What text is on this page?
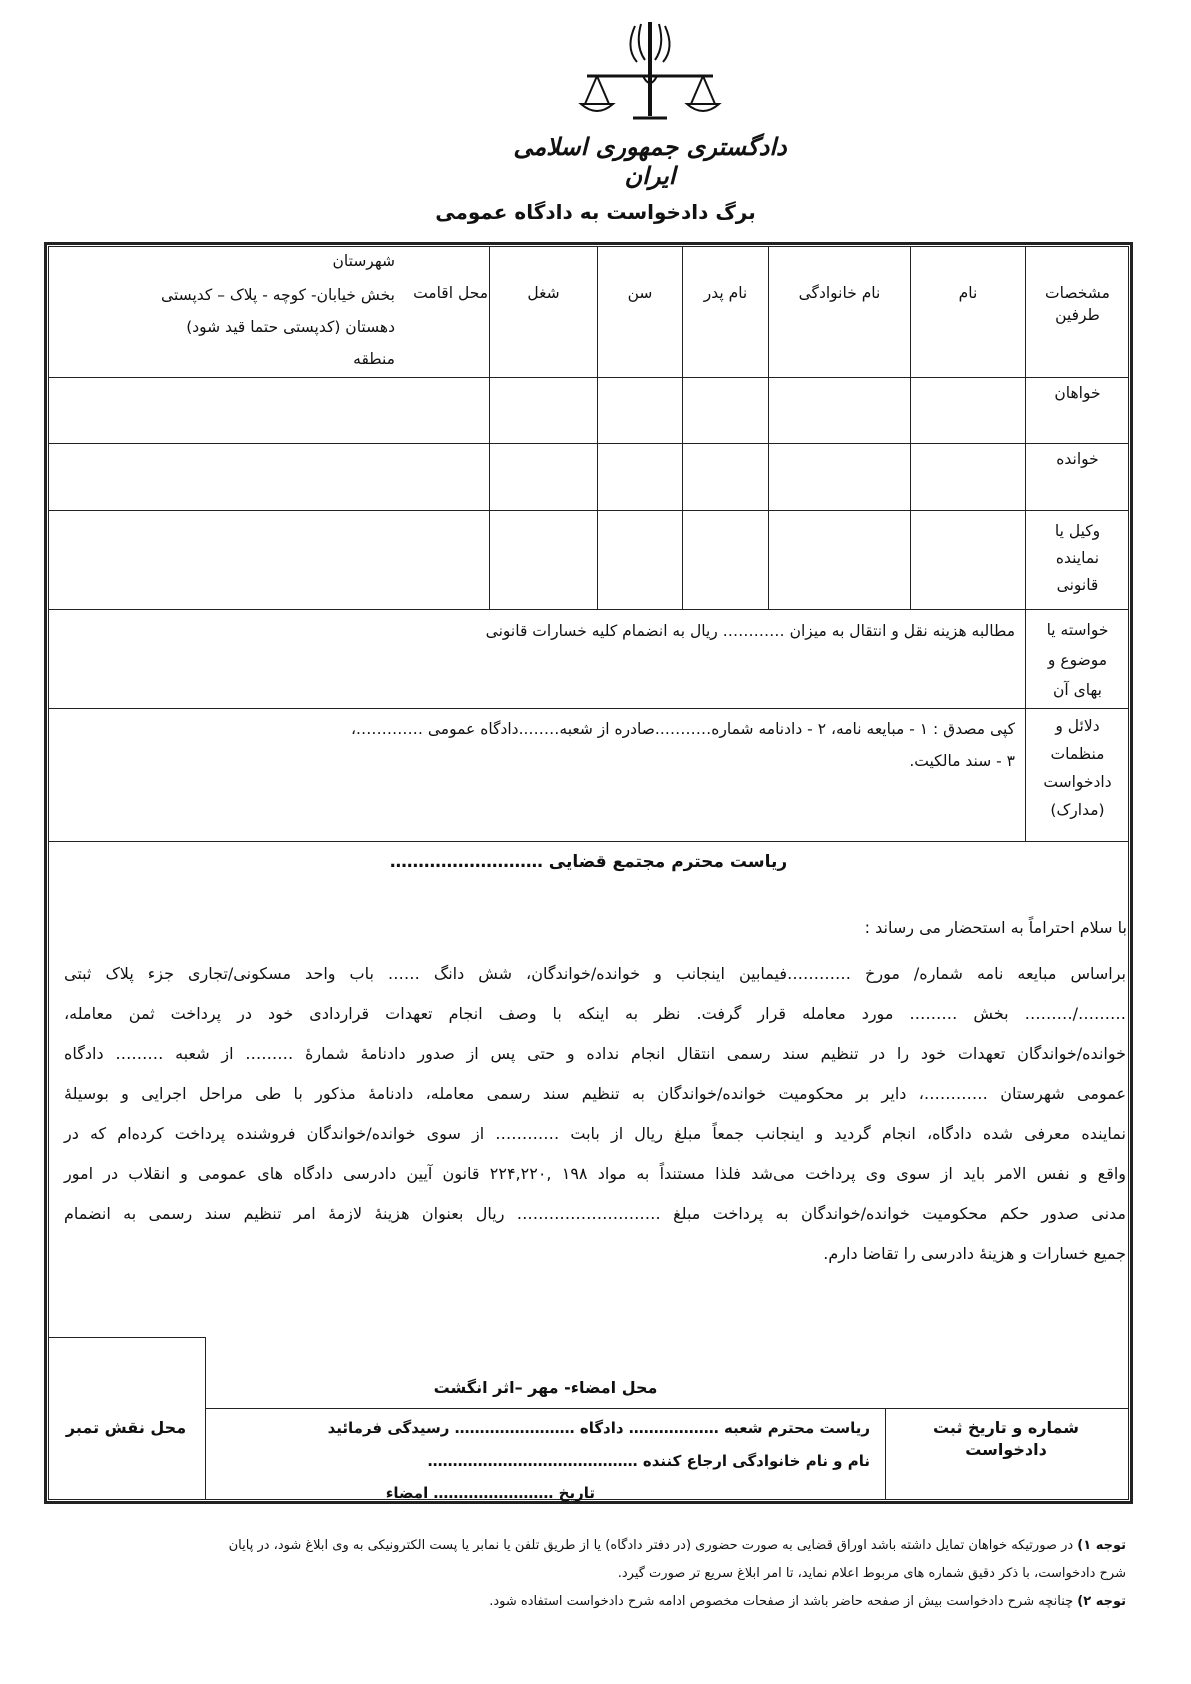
دادگستری جمهوری اسلامی ایران
برگ دادخواست به دادگاه عمومی
مشخصات طرفین
نام
نام خانوادگی
نام پدر
سن
شغل
محل اقامت
شهرستان
بخش خیابان- کوچه - پلاک – کدپستی
دهستان (کدپستی حتما قید شود)
منطقه
خواهان
خوانده
وکیل یا
نماینده
قانونی
خواسته یا
موضوع و
بهای آن
مطالبه هزینه نقل و انتقال به میزان ………… ریال به انضمام کلیه خسارات قانونی
دلائل و
منظمات
دادخواست
(مدارک)
کپی مصدق : ۱ - مبایعه نامه، ۲ - دادنامه شماره………..صادره از شعبه……..دادگاه عمومی ………….،
۳ - سند مالکیت.
ریاست محترم مجتمع قضایی ………………………
با سلام احتراماً به استحضار می رساند :
براساس مبایعه نامه شماره/ مورخ …………فیمابین اینجانب و خوانده/خواندگان، شش دانگ …… باب واحد مسکونی/تجاری جزء پلاک ثبتی
………/……… بخش ……… مورد معامله قرار گرفت. نظر به اینکه با وصف انجام تعهدات قراردادی خود در پرداخت ثمن معامله،
خوانده/خواندگان تعهدات خود را در تنظیم سند رسمی انتقال انجام نداده و حتی پس از صدور دادنامۀ شمارۀ ……… از شعبه ……… دادگاه
عمومی شهرستان …………، دایر بر محکومیت خوانده/خواندگان به تنظیم سند رسمی معامله، دادنامۀ مذکور با طی مراحل اجرایی و بوسیلۀ
نماینده معرفی شده دادگاه، انجام گردید و اینجانب جمعاً مبلغ ریال از بابت ………… از سوی خوانده/خواندگان فروشنده پرداخت کرده‌ام که در
واقع و نفس الامر باید از سوی وی پرداخت می‌شد فلذا مستنداً به مواد ۱۹۸ ,۲۲۴,۲۲۰ قانون آیین دادرسی دادگاه های عمومی و انقلاب در امور
مدنی صدور حکم محکومیت خوانده/خواندگان به پرداخت مبلغ ……………………… ریال بعنوان هزینۀ لازمۀ امر تنظیم سند رسمی به انضمام
جمیع خسارات و هزینۀ دادرسی را تقاضا دارم.
محل امضاء- مهر –اثر انگشت
شماره و تاریخ ثبت دادخواست
ریاست محترم شعبه ……………… دادگاه …………………… رسیدگی فرمائید
نام و نام خانوادگی ارجاع کننده ……………………………………
تاریخ …………………… امضاء
محل نقش تمبر
توجه ۱) در صورتیکه خواهان تمایل داشته باشد اوراق قضایی به صورت حضوری (در دفتر دادگاه) یا از طریق تلفن یا نمابر یا پست الکترونیکی به وی ابلاغ شود، در پایان
شرح دادخواست، با ذکر دقیق شماره های مربوط اعلام نماید، تا امر ابلاغ سریع تر صورت گیرد.
توجه ۲) چنانچه شرح دادخواست بیش از صفحه حاضر باشد از صفحات مخصوص ادامه شرح دادخواست استفاده شود.
